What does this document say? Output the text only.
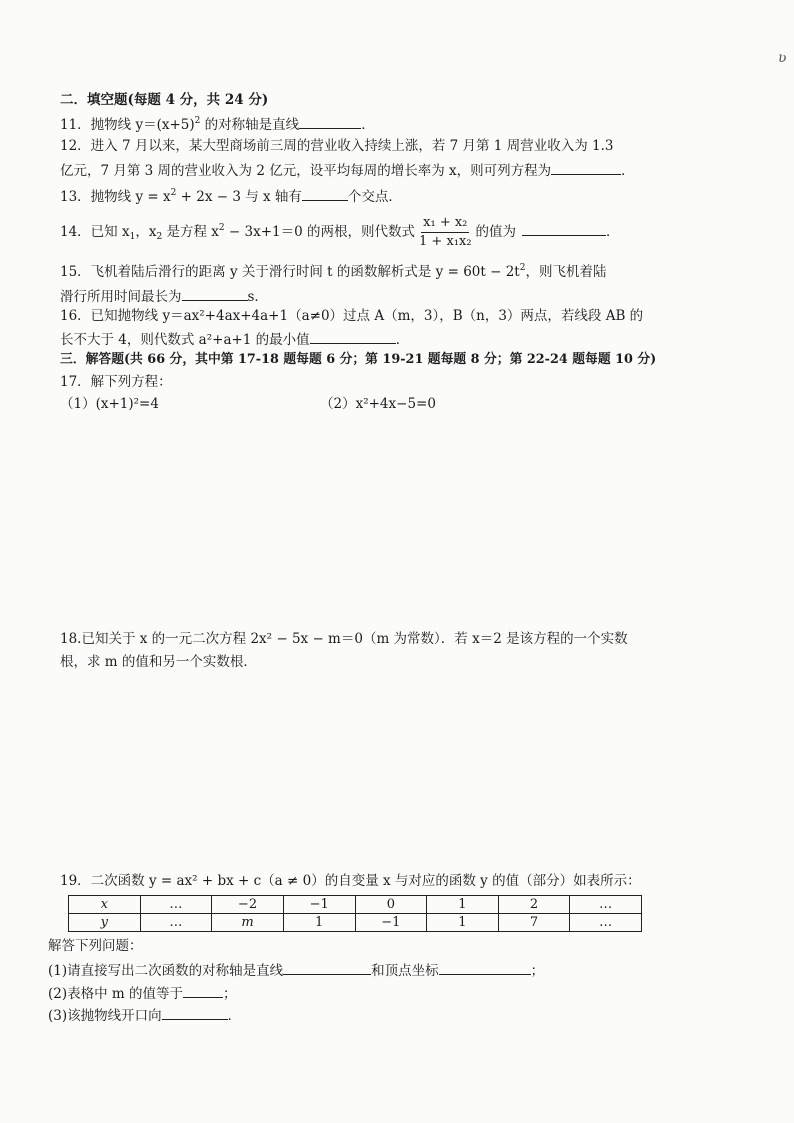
ʋ
二．填空题(每题 4 分，共 24 分)
11．抛物线 $y=(x+5)^2$ 的对称轴是直线	．
12．进入 7 月以来，某大型商场前三周的营业收入持续上涨，若 7 月第 1 周营业收入为 1.3
亿元，7 月第 3 周的营业收入为 2 亿元，设平均每周的增长率为 x，则可列方程为	．
13．抛物线 $y = x^2 + 2x - 3$ 与 x 轴有	个交点．
14．已知 $x_1$，$x_2$ 是方程 $x^2 - 3x+1=0$ 的两根，则代数式 $\frac{\text{x₁ + x₂}}{\text{1 + x₁x₂}}$ 的值为	．
15．飞机着陆后滑行的距离 y 关于滑行时间 t 的函数解析式是 $y = 60t - 2t^2$，则飞机着陆
滑行所用时间最长为	s．
16．已知抛物线 y＝ax²+4ax+4a+1（a≠0）过点 A（m，3），B（n，3）两点，若线段 AB 的
长不大于 4，则代数式 a²+a+1 的最小值	．
三．解答题(共 66 分，其中第 17-18 题每题 6 分；第 19-21 题每题 8 分；第 22-24 题每题 10 分)
17．解下列方程：
（1）(x+1)²=4	（2）x²+4x−5=0
18.已知关于 x 的一元二次方程 2x² − 5x − m＝0（m 为常数）．若 x＝2 是该方程的一个实数
根，求 m 的值和另一个实数根．
19．二次函数 y = ax² + bx + c（a ≠ 0）的自变量 x 与对应的函数 y 的值（部分）如表所示：
x	…	−2	−1	0	1	2	…
y	…	m	1	−1	1	7	…
解答下列问题：
(1)请直接写出二次函数的对称轴是直线	和顶点坐标	；
(2)表格中 m 的值等于	；
(3)该抛物线开口向	．
